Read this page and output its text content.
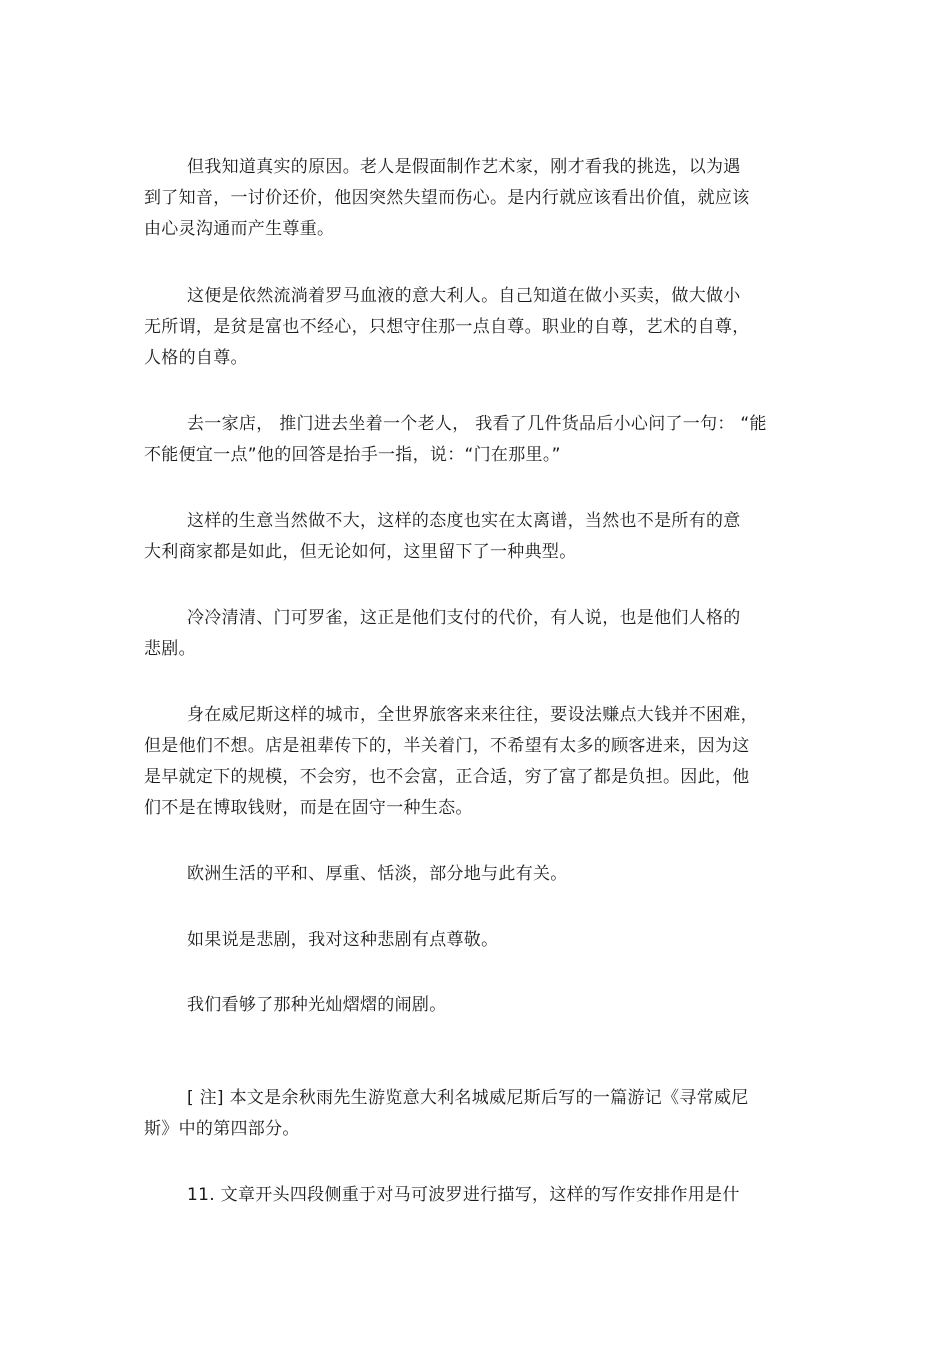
但我知道真实的原因。老人是假面制作艺术家，刚才看我的挑选，以为遇
到了知音，一讨价还价，他因突然失望而伤心。是内行就应该看出价值，就应该
由心灵沟通而产生尊重。
这便是依然流淌着罗马血液的意大利人。自己知道在做小买卖，做大做小
无所谓，是贫是富也不经心，只想守住那一点自尊。职业的自尊，艺术的自尊，
人格的自尊。
去一家店， 推门进去坐着一个老人， 我看了几件货品后小心问了一句： “能
不能便宜一点”他的回答是抬手一指，说：“门在那里。”
这样的生意当然做不大，这样的态度也实在太离谱，当然也不是所有的意
大利商家都是如此，但无论如何，这里留下了一种典型。
冷冷清清、门可罗雀，这正是他们支付的代价，有人说，也是他们人格的
悲剧。
身在威尼斯这样的城市，全世界旅客来来往往，要设法赚点大钱并不困难，
但是他们不想。店是祖辈传下的，半关着门，不希望有太多的顾客进来，因为这
是早就定下的规模，不会穷，也不会富，正合适，穷了富了都是负担。因此，他
们不是在博取钱财，而是在固守一种生态。
欧洲生活的平和、厚重、恬淡，部分地与此有关。
如果说是悲剧，我对这种悲剧有点尊敬。
我们看够了那种光灿熠熠的闹剧。
[ 注] 本文是余秋雨先生游览意大利名城威尼斯后写的一篇游记《寻常威尼
斯》中的第四部分。
11. 文章开头四段侧重于对马可波罗进行描写，这样的写作安排作用是什
